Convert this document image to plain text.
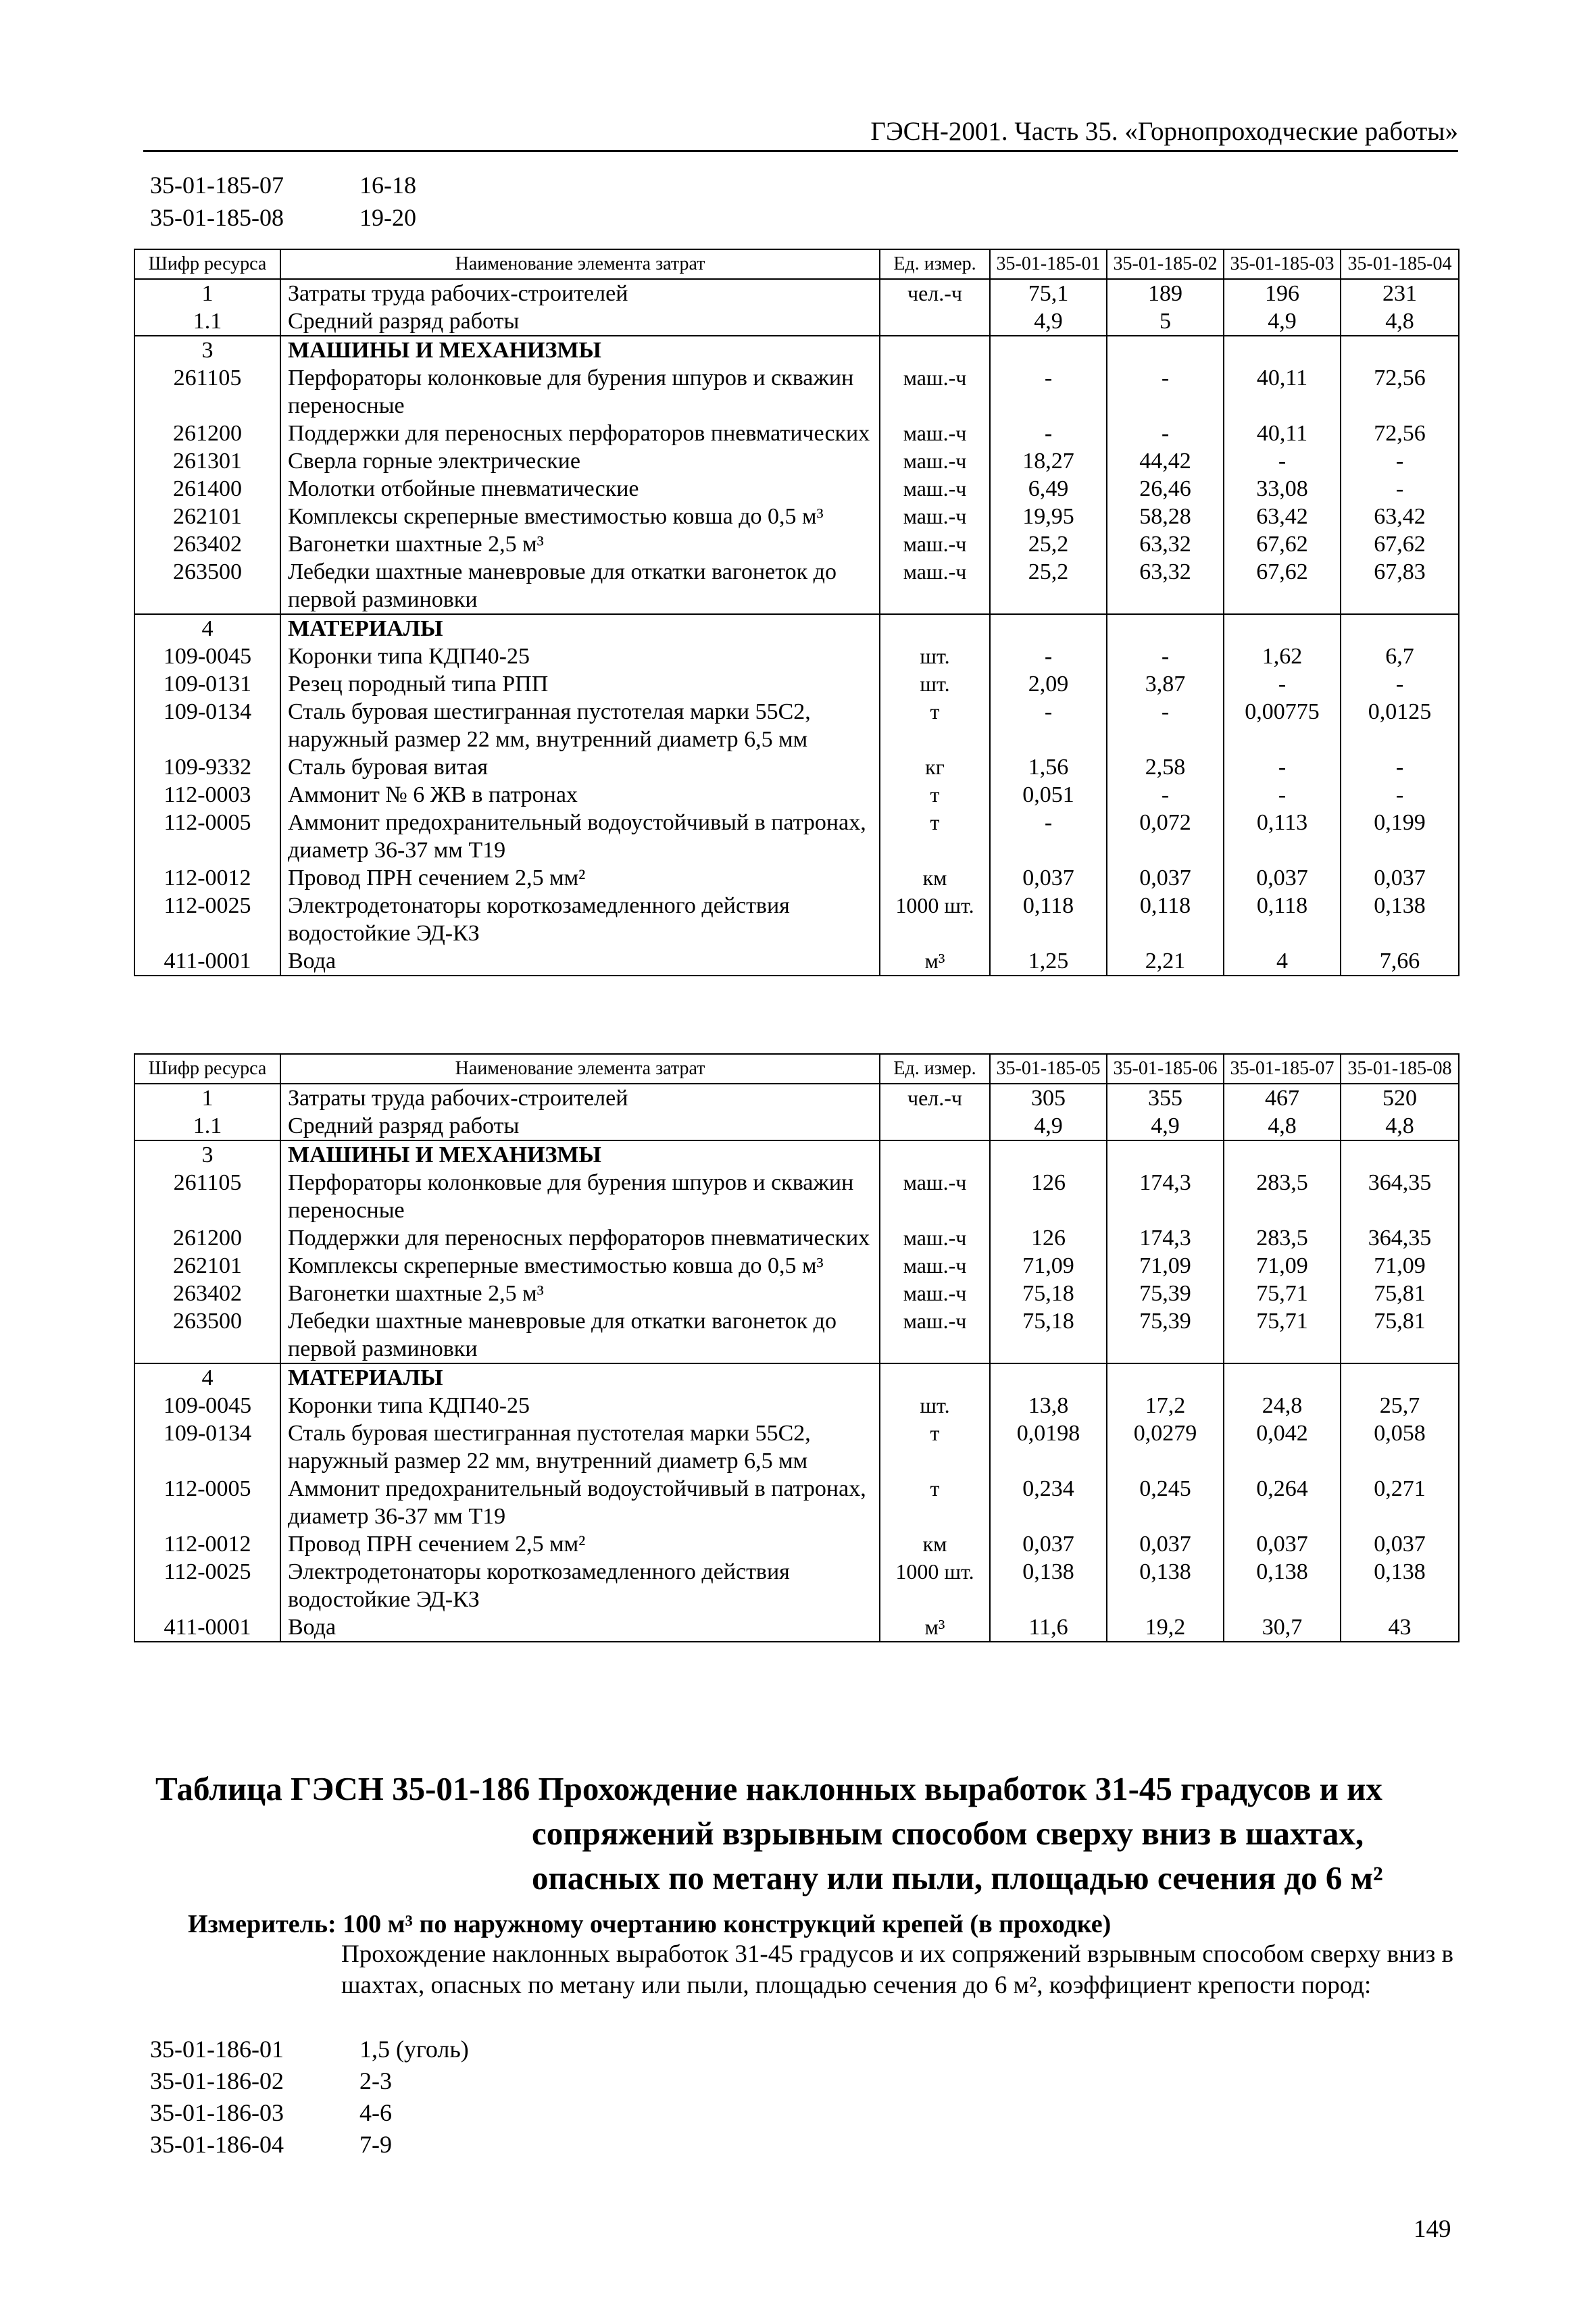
ГЭСН-2001. Часть 35. «Горнопроходческие работы»
35-01-185-07	16-18
35-01-185-08	19-20
Шифр ресурса	Наименование элемента затрат	Ед. измер.	35-01-185-01	35-01-185-02	35-01-185-03	35-01-185-04
1	Затраты труда рабочих-строителей	чел.-ч	75,1	189	196	231
1.1	Средний разряд работы		4,9	5	4,9	4,8
3	МАШИНЫ И МЕХАНИЗМЫ					
261105	Перфораторы колонковые для бурения шпуров и скважин переносные	маш.-ч	-	-	40,11	72,56
261200	Поддержки для переносных перфораторов пневматических	маш.-ч	-	-	40,11	72,56
261301	Сверла горные электрические	маш.-ч	18,27	44,42	-	-
261400	Молотки отбойные пневматические	маш.-ч	6,49	26,46	33,08	-
262101	Комплексы скреперные вместимостью ковша до 0,5 м³	маш.-ч	19,95	58,28	63,42	63,42
263402	Вагонетки шахтные 2,5 м³	маш.-ч	25,2	63,32	67,62	67,62
263500	Лебедки шахтные маневровые для откатки вагонеток до первой разминовки	маш.-ч	25,2	63,32	67,62	67,83
4	МАТЕРИАЛЫ					
109-0045	Коронки типа КДП40-25	шт.	-	-	1,62	6,7
109-0131	Резец породный типа РПП	шт.	2,09	3,87	-	-
109-0134	Сталь буровая шестигранная пустотелая марки 55С2, наружный размер 22 мм, внутренний диаметр 6,5 мм	т	-	-	0,00775	0,0125
109-9332	Сталь буровая витая	кг	1,56	2,58	-	-
112-0003	Аммонит № 6 ЖВ в патронах	т	0,051	-	-	-
112-0005	Аммонит предохранительный водоустойчивый в патронах, диаметр 36-37 мм Т19	т	-	0,072	0,113	0,199
112-0012	Провод ПРН сечением 2,5 мм²	км	0,037	0,037	0,037	0,037
112-0025	Электродетонаторы короткозамедленного действия водостойкие ЭД-КЗ	1000 шт.	0,118	0,118	0,118	0,138
411-0001	Вода	м³	1,25	2,21	4	7,66
Шифр ресурса	Наименование элемента затрат	Ед. измер.	35-01-185-05	35-01-185-06	35-01-185-07	35-01-185-08
1	Затраты труда рабочих-строителей	чел.-ч	305	355	467	520
1.1	Средний разряд работы		4,9	4,9	4,8	4,8
3	МАШИНЫ И МЕХАНИЗМЫ					
261105	Перфораторы колонковые для бурения шпуров и скважин переносные	маш.-ч	126	174,3	283,5	364,35
261200	Поддержки для переносных перфораторов пневматических	маш.-ч	126	174,3	283,5	364,35
262101	Комплексы скреперные вместимостью ковша до 0,5 м³	маш.-ч	71,09	71,09	71,09	71,09
263402	Вагонетки шахтные 2,5 м³	маш.-ч	75,18	75,39	75,71	75,81
263500	Лебедки шахтные маневровые для откатки вагонеток до первой разминовки	маш.-ч	75,18	75,39	75,71	75,81
4	МАТЕРИАЛЫ					
109-0045	Коронки типа КДП40-25	шт.	13,8	17,2	24,8	25,7
109-0134	Сталь буровая шестигранная пустотелая марки 55С2, наружный размер 22 мм, внутренний диаметр 6,5 мм	т	0,0198	0,0279	0,042	0,058
112-0005	Аммонит предохранительный водоустойчивый в патронах, диаметр 36-37 мм Т19	т	0,234	0,245	0,264	0,271
112-0012	Провод ПРН сечением 2,5 мм²	км	0,037	0,037	0,037	0,037
112-0025	Электродетонаторы короткозамедленного действия водостойкие ЭД-КЗ	1000 шт.	0,138	0,138	0,138	0,138
411-0001	Вода	м³	11,6	19,2	30,7	43
Таблица ГЭСН 35-01-186 Прохождение наклонных выработок 31-45 градусов и их
сопряжений взрывным способом сверху вниз в шахтах,
опасных по метану или пыли, площадью сечения до 6 м²
Измеритель: 100 м³ по наружному очертанию конструкций крепей (в проходке)
Прохождение наклонных выработок 31-45 градусов и их сопряжений взрывным способом сверху вниз в шахтах, опасных по метану или пыли, площадью сечения до 6 м², коэффициент крепости пород:
35-01-186-01	1,5 (уголь)
35-01-186-02	2-3
35-01-186-03	4-6
35-01-186-04	7-9
149
